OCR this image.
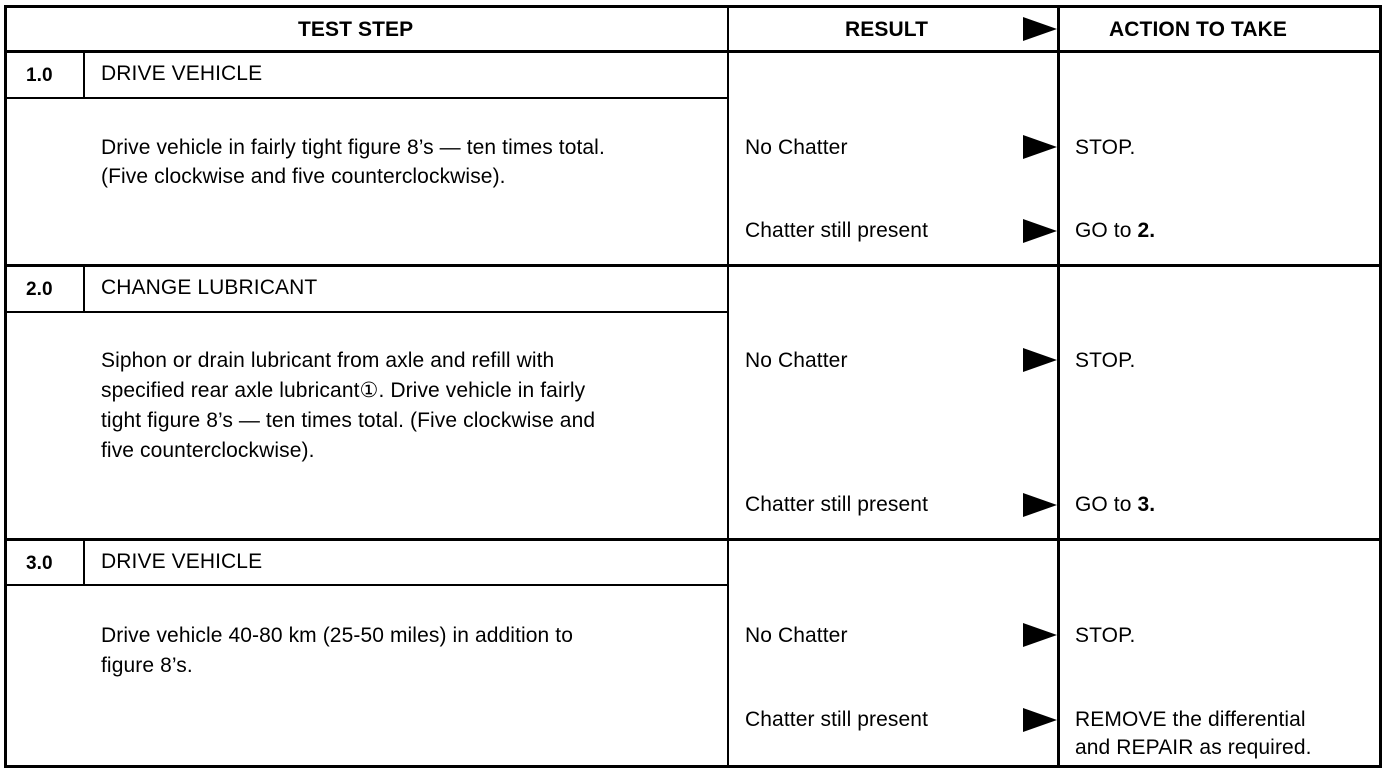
TEST STEP	RESULT	ACTION TO TAKE
1.0 DRIVE VEHICLE
Drive vehicle in fairly tight figure 8’s — ten times total.
(Five clockwise and five counterclockwise).
No Chatter	STOP.
Chatter still present	GO to 2.
2.0 CHANGE LUBRICANT
Siphon or drain lubricant from axle and refill with
specified rear axle lubricant①. Drive vehicle in fairly
tight figure 8’s — ten times total. (Five clockwise and
five counterclockwise).
No Chatter	STOP.
Chatter still present	GO to 3.
3.0 DRIVE VEHICLE
Drive vehicle 40-80 km (25-50 miles) in addition to
figure 8’s.
No Chatter	STOP.
Chatter still present	REMOVE the differential
and REPAIR as required.
